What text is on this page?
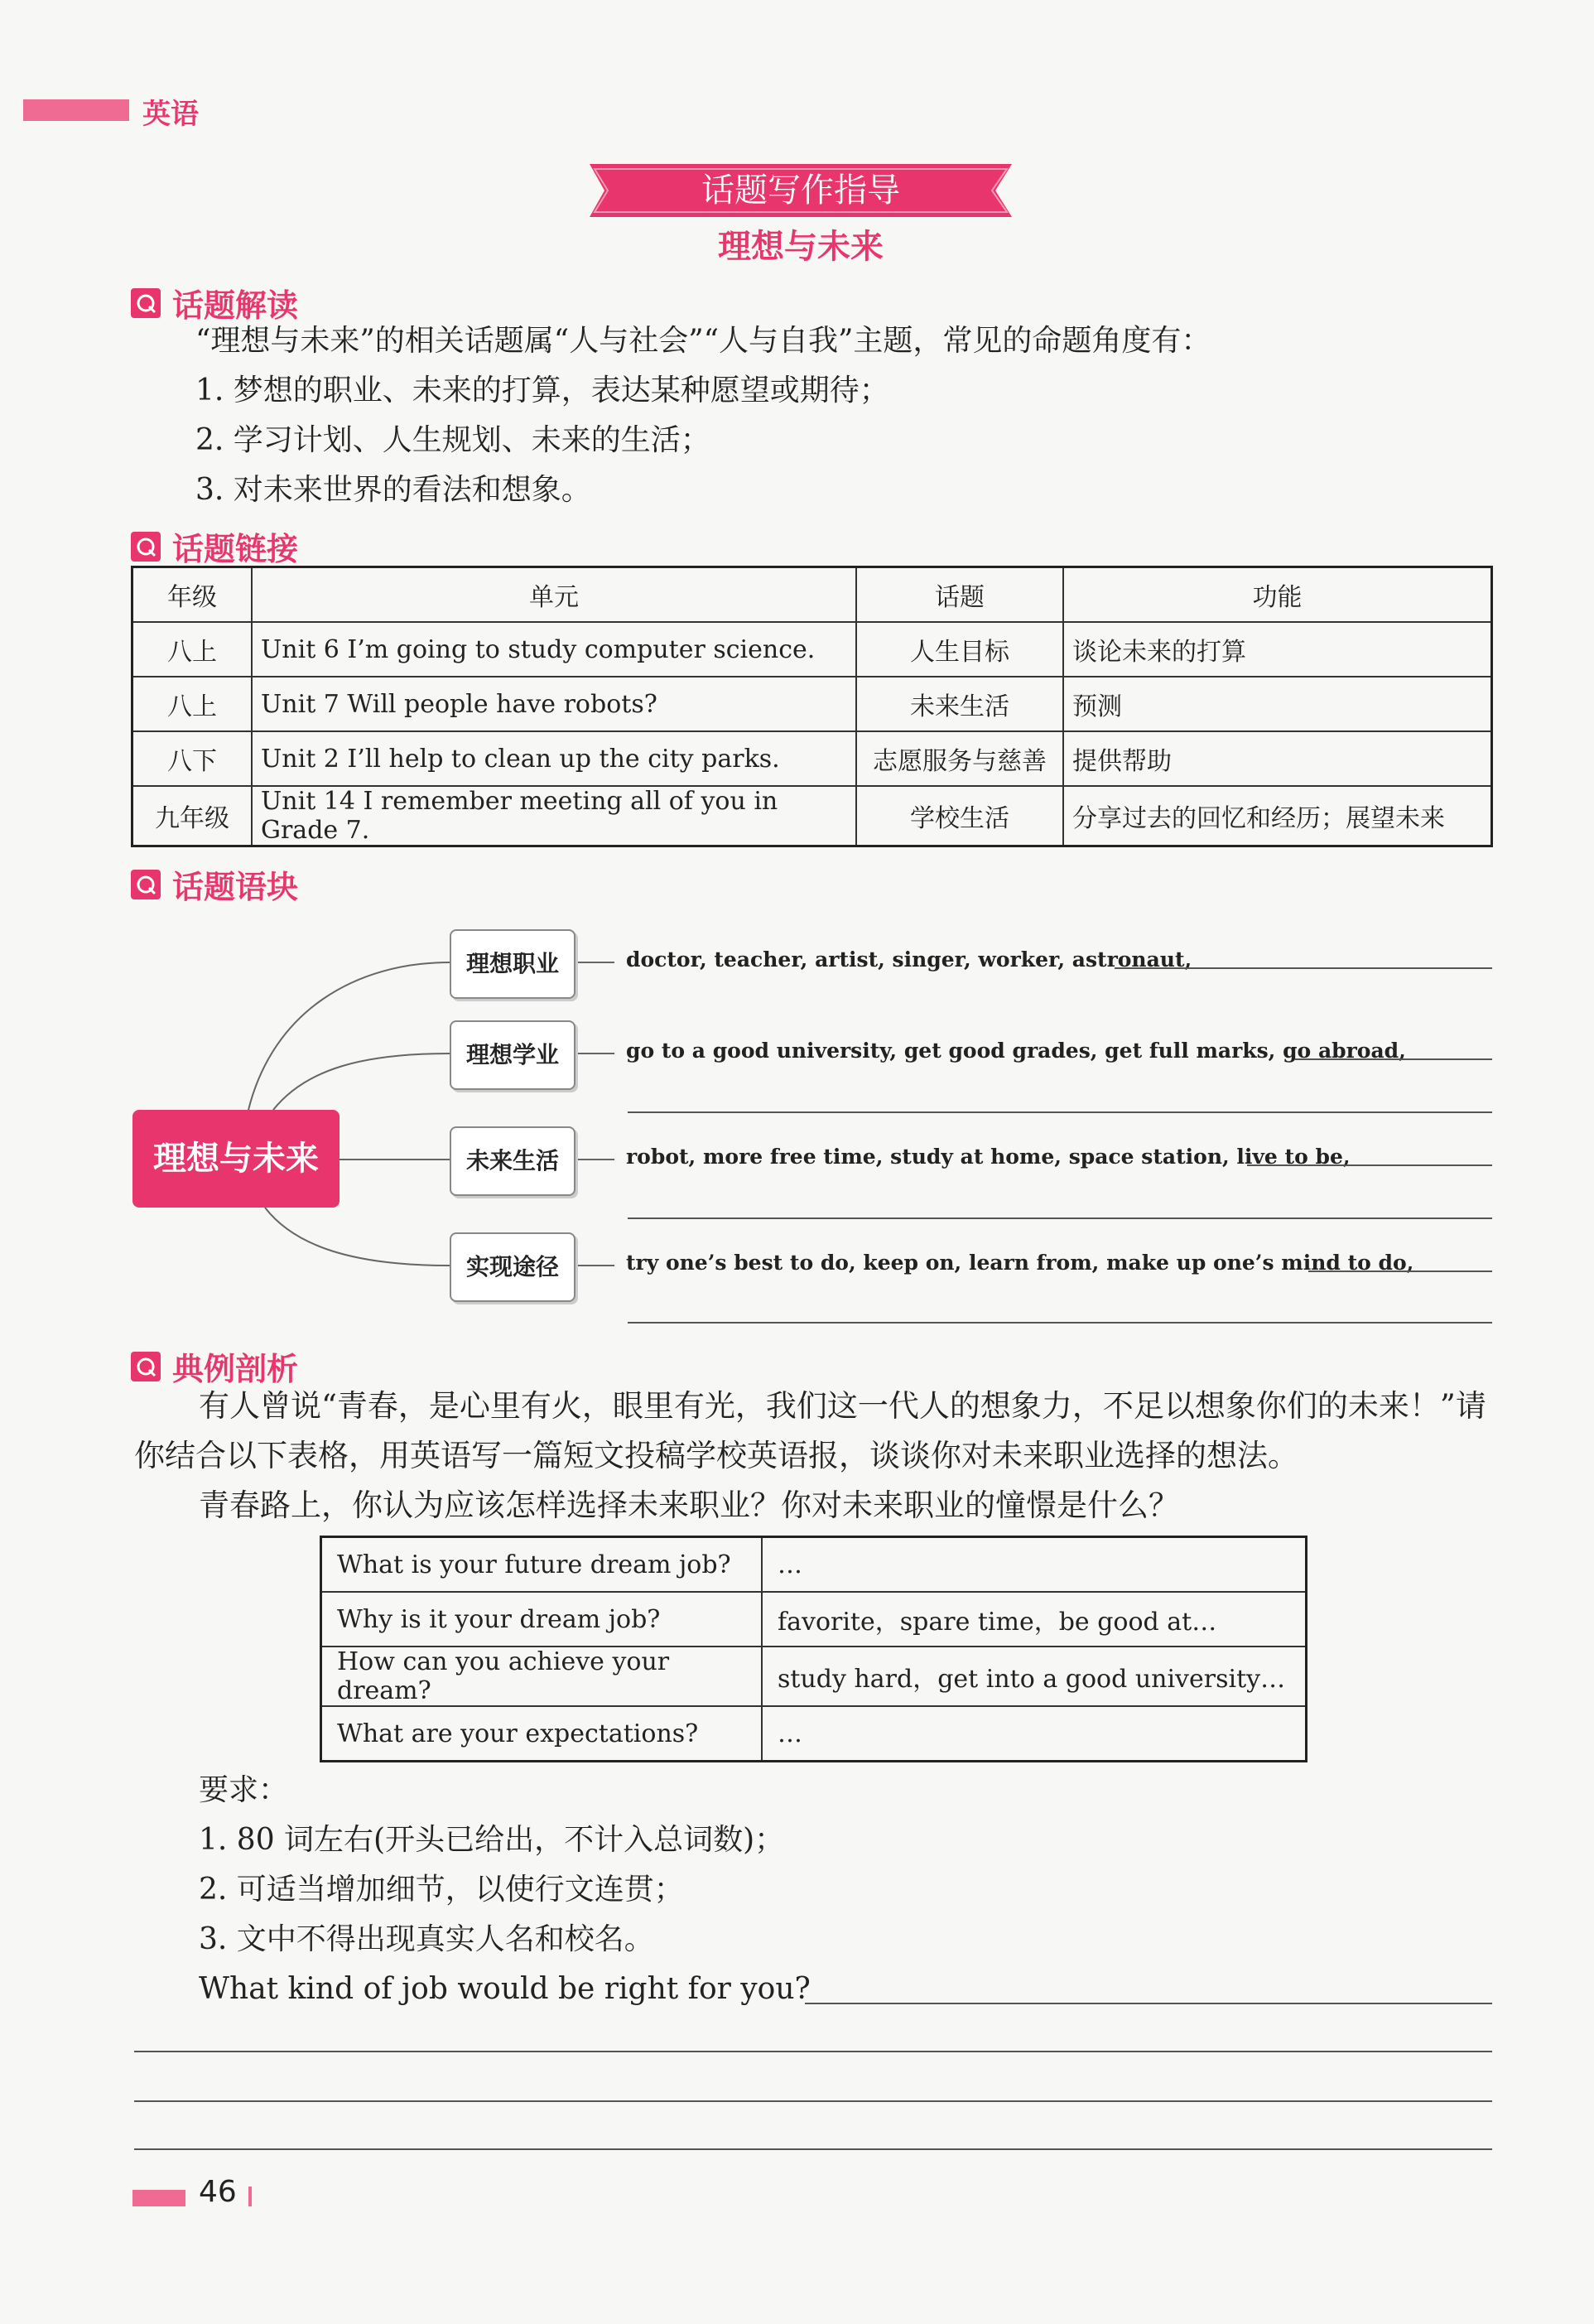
英语
话题写作指导
理想与未来
话题解读
“理想与未来”的相关话题属“人与社会”“人与自我”主题，常见的命题角度有：
1. 梦想的职业、未来的打算，表达某种愿望或期待；
2. 学习计划、人生规划、未来的生活；
3. 对未来世界的看法和想象。
话题链接
年级	单元	话题	功能
八上	Unit 6 I’m going to study computer science.	人生目标	谈论未来的打算
八上	Unit 7 Will people have robots?	未来生活	预测
八下	Unit 2 I’ll help to clean up the city parks.	志愿服务与慈善	提供帮助
九年级	Unit 14 I remember meeting all of you in Grade 7.	学校生活	分享过去的回忆和经历；展望未来
话题语块
理想与未来
理想职业
理想学业
未来生活
实现途径
doctor, teacher, artist, singer, worker, astronaut,
go to a good university, get good grades, get full marks, go abroad,
robot, more free time, study at home, space station, live to be,
try one’s best to do, keep on, learn from, make up one’s mind to do,
典例剖析
有人曾说“青春，是心里有火，眼里有光，我们这一代人的想象力，不足以想象你们的未来！”请
你结合以下表格，用英语写一篇短文投稿学校英语报，谈谈你对未来职业选择的想法。
青春路上，你认为应该怎样选择未来职业？你对未来职业的憧憬是什么？
What is your future dream job?	…
Why is it your dream job?	favorite，spare time，be good at…
How can you achieve your dream?	study hard，get into a good university…
What are your expectations?	…
要求：
1. 80 词左右(开头已给出，不计入总词数)；
2. 可适当增加细节，以使行文连贯；
3. 文中不得出现真实人名和校名。
What kind of job would be right for you?
46
